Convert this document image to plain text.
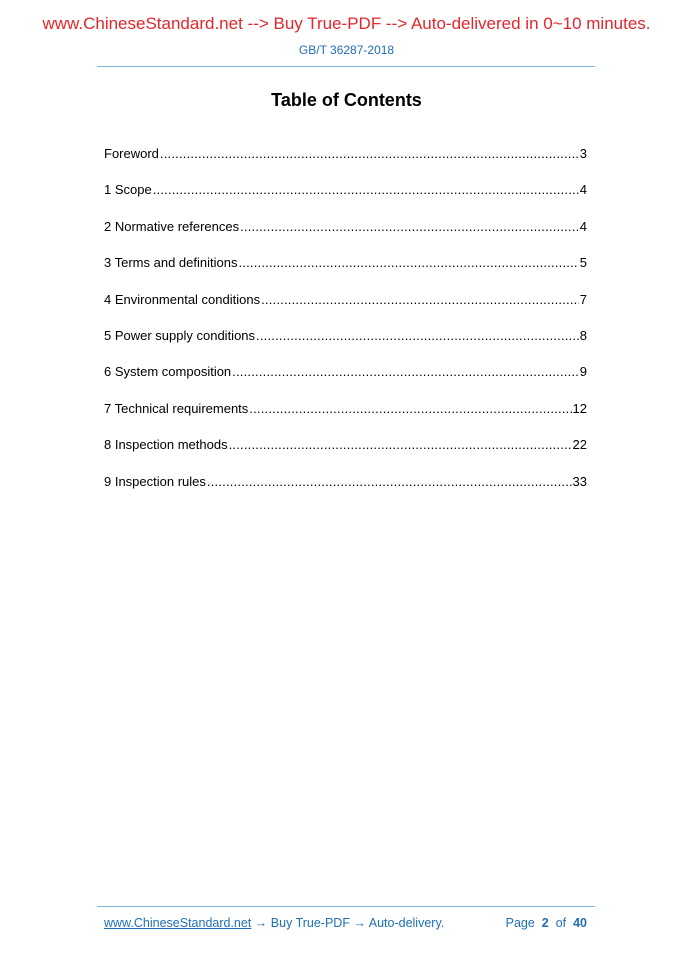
www.ChineseStandard.net --> Buy True-PDF --> Auto-delivered in 0~10 minutes.
GB/T 36287-2018
Table of Contents
Foreword .....	3
1 Scope .....	4
2 Normative references .....	4
3 Terms and definitions .....	5
4 Environmental conditions .....	7
5 Power supply conditions .....	8
6 System composition .....	9
7 Technical requirements .....	12
8 Inspection methods .....	22
9 Inspection rules .....	33
www.ChineseStandard.net → Buy True-PDF → Auto-delivery.	Page 2 of 40
